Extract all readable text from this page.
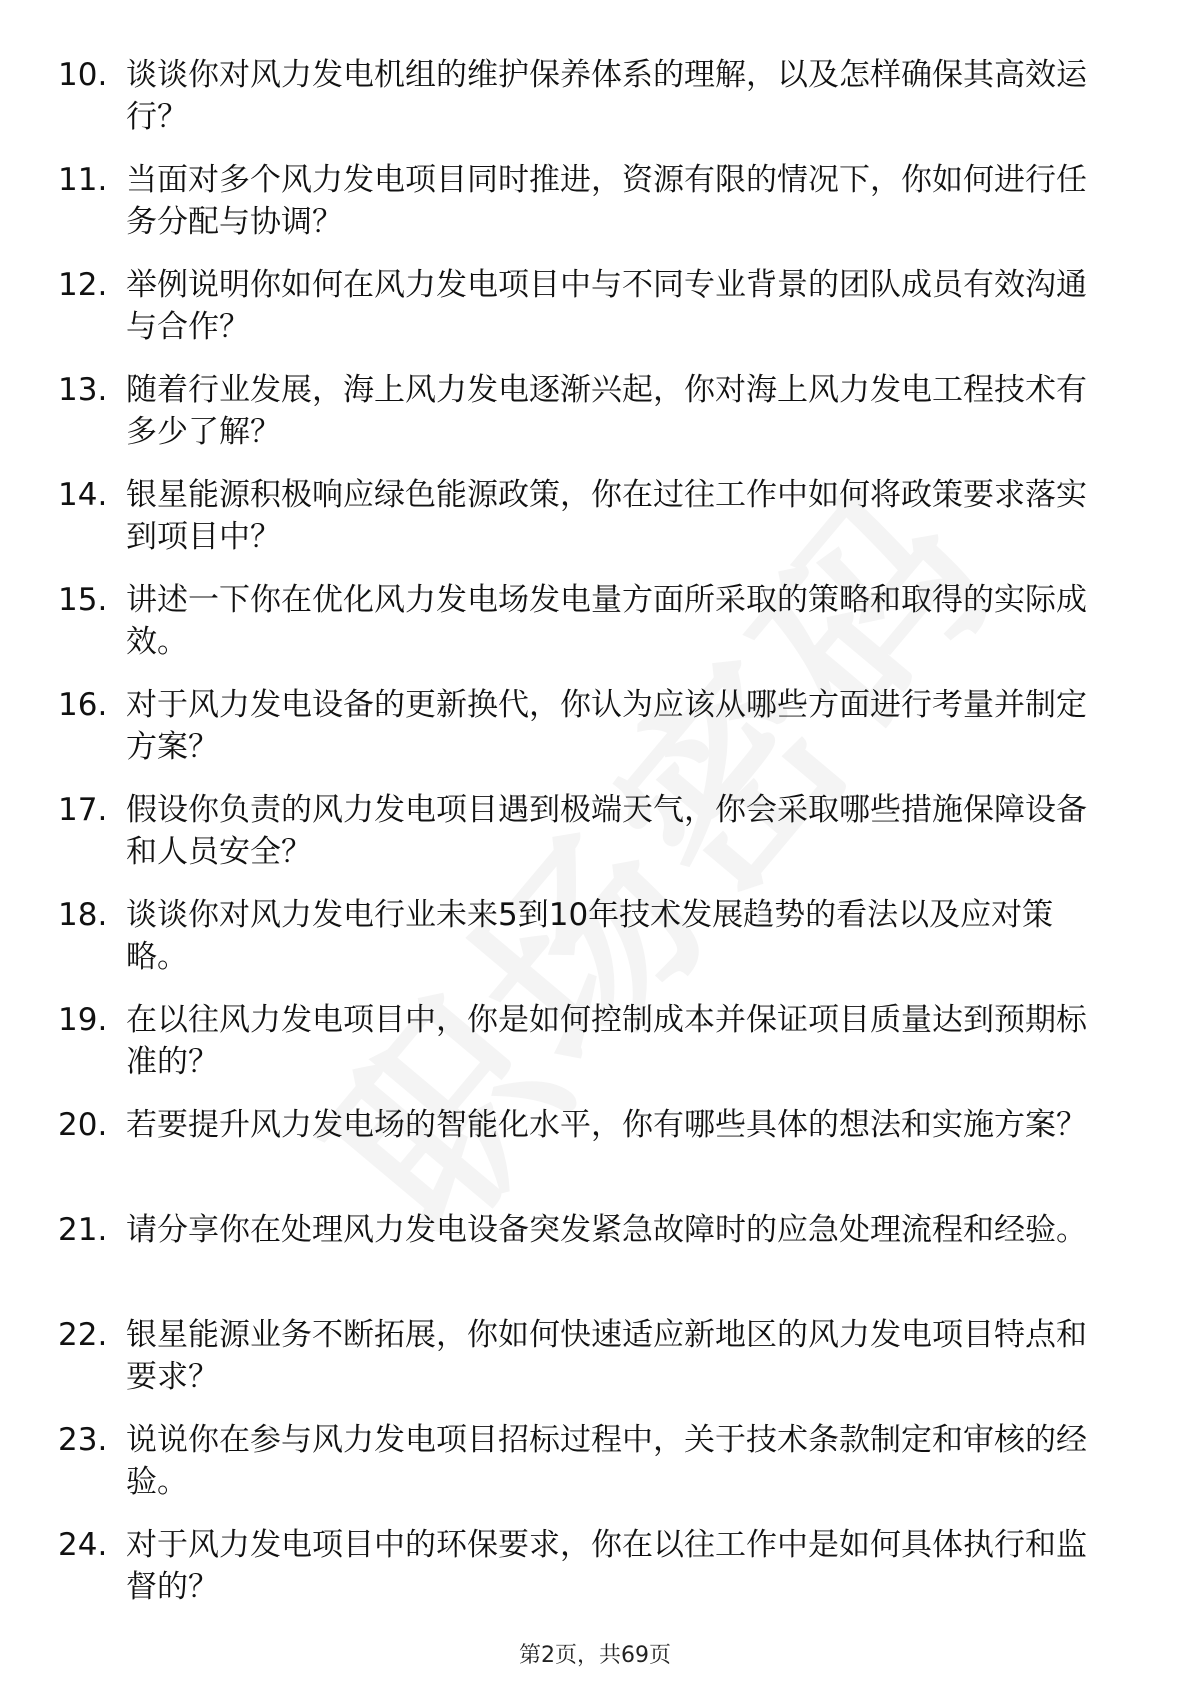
10. 谈谈你对风力发电机组的维护保养体系的理解，以及怎样确保其高效运行？
11. 当面对多个风力发电项目同时推进，资源有限的情况下，你如何进行任务分配与协调？
12. 举例说明你如何在风力发电项目中与不同专业背景的团队成员有效沟通与合作？
13. 随着行业发展，海上风力发电逐渐兴起，你对海上风力发电工程技术有多少了解？
14. 银星能源积极响应绿色能源政策，你在过往工作中如何将政策要求落实到项目中？
15. 讲述一下你在优化风力发电场发电量方面所采取的策略和取得的实际成效。
16. 对于风力发电设备的更新换代，你认为应该从哪些方面进行考量并制定方案？
17. 假设你负责的风力发电项目遇到极端天气，你会采取哪些措施保障设备和人员安全？
18. 谈谈你对风力发电行业未来5到10年技术发展趋势的看法以及应对策略。
19. 在以往风力发电项目中，你是如何控制成本并保证项目质量达到预期标准的？
20. 若要提升风力发电场的智能化水平，你有哪些具体的想法和实施方案？
21. 请分享你在处理风力发电设备突发紧急故障时的应急处理流程和经验。
22. 银星能源业务不断拓展，你如何快速适应新地区的风力发电项目特点和要求？
23. 说说你在参与风力发电项目招标过程中，关于技术条款制定和审核的经验。
24. 对于风力发电项目中的环保要求，你在以往工作中是如何具体执行和监督的？
第2页，共69页
